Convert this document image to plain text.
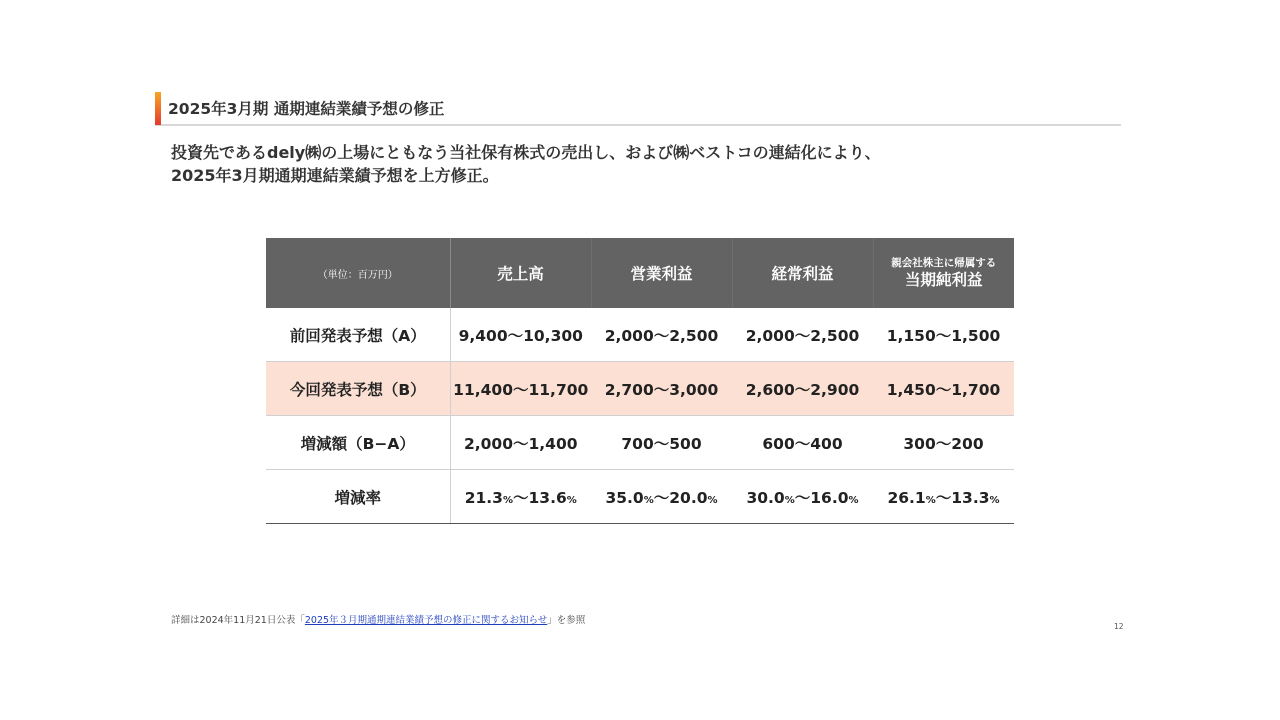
2025年3月期 通期連結業績予想の修正
投資先であるdely㈱の上場にともなう当社保有株式の売出し、および㈱ベストコの連結化により、
2025年3月期通期連結業績予想を上方修正。
（単位：百万円）	売上高	営業利益	経常利益	親会社株主に帰属する
当期純利益

前回発表予想（A）	9,400〜10,300	2,000～2,500	2,000～2,500	1,150～1,500
今回発表予想（B）	11,400〜11,700	2,700〜3,000	2,600〜2,900	1,450〜1,700
増減額（B−A）	2,000〜1,400	700〜500	600〜400	300〜200
増減率	21.3%〜13.6%	35.0%〜20.0%	30.0%〜16.0%	26.1%〜13.3%
詳細は2024年11月21日公表「2025年３月期通期連結業績予想の修正に関するお知らせ」を参照
12
